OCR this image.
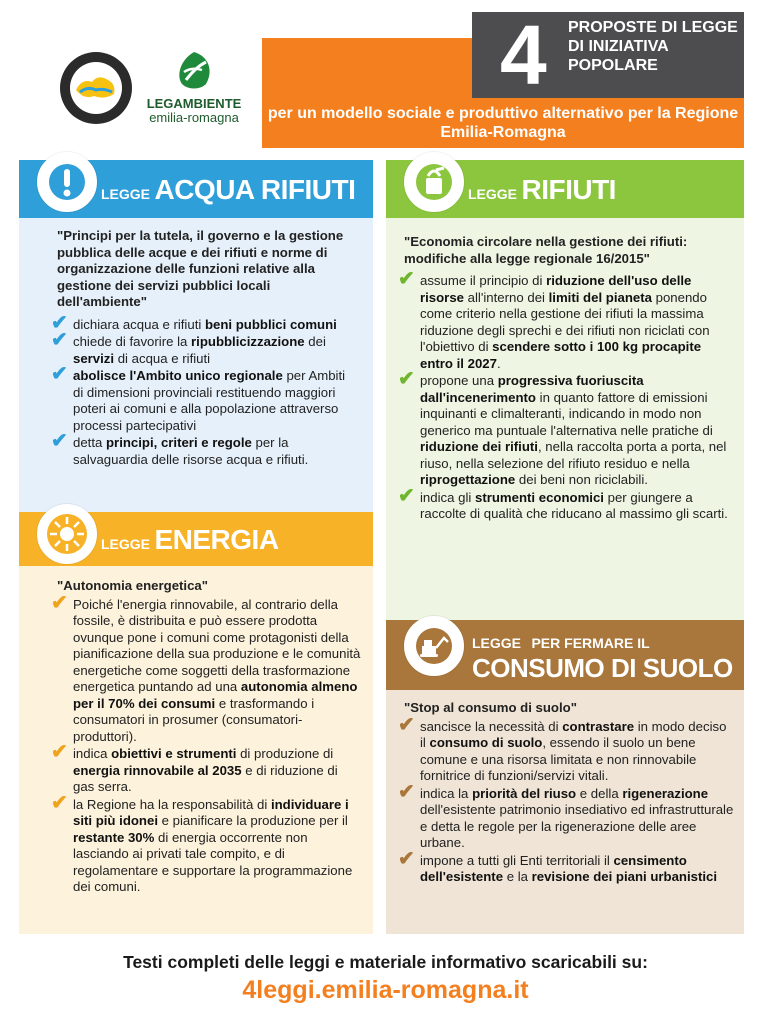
LEGAMBIENTE
emilia-romagna
4 PROPOSTE DI LEGGE DI INIZIATIVA POPOLARE
per un modello sociale e produttivo alternativo per la Regione Emilia-Romagna
LEGGE ACQUA RIFIUTI
"Principi per la tutela, il governo e la gestione pubblica delle acque e dei rifiuti e norme di organizzazione delle funzioni relative alla gestione dei servizi pubblici locali dell'ambiente"
✔ dichiara acqua e rifiuti beni pubblici comuni
✔ chiede di favorire la ripubblicizzazione dei servizi di acqua e rifiuti
✔ abolisce l'Ambito unico regionale per Ambiti di dimensioni provinciali restituendo maggiori poteri ai comuni e alla popolazione attraverso processi partecipativi
✔ detta principi, criteri e regole per la salvaguardia delle risorse acqua e rifiuti.
LEGGE RIFIUTI
"Economia circolare nella gestione dei rifiuti: modifiche alla legge regionale 16/2015"
✔ assume il principio di riduzione dell'uso delle risorse all'interno dei limiti del pianeta ponendo come criterio nella gestione dei rifiuti la massima riduzione degli sprechi e dei rifiuti non riciclati con l'obiettivo di scendere sotto i 100 kg procapite entro il 2027.
✔ propone una progressiva fuoriuscita dall'incenerimento in quanto fattore di emissioni inquinanti e climalteranti, indicando in modo non generico ma puntuale l'alternativa nelle pratiche di riduzione dei rifiuti, nella raccolta porta a porta, nel riuso, nella selezione del rifiuto residuo e nella riprogettazione dei beni non riciclabili.
✔ indica gli strumenti economici per giungere a raccolte di qualità che riducano al massimo gli scarti.
LEGGE ENERGIA
"Autonomia energetica"
✔ Poiché l'energia rinnovabile, al contrario della fossile, è distribuita e può essere prodotta ovunque pone i comuni come protagonisti della pianificazione della sua produzione e le comunità energetiche come soggetti della trasformazione energetica puntando ad una autonomia almeno per il 70% dei consumi e trasformando i consumatori in prosumer (consumatori-produttori).
✔ indica obiettivi e strumenti di produzione di energia rinnovabile al 2035 e di riduzione di gas serra.
✔ la Regione ha la responsabilità di individuare i siti più idonei e pianificare la produzione per il restante 30% di energia occorrente non lasciando ai privati tale compito, e di regolamentare e supportare la programmazione dei comuni.
LEGGE PER FERMARE IL
CONSUMO DI SUOLO
"Stop al consumo di suolo"
✔ sancisce la necessità di contrastare in modo deciso il consumo di suolo, essendo il suolo un bene comune e una risorsa limitata e non rinnovabile fornitrice di funzioni/servizi vitali.
✔ indica la priorità del riuso e della rigenerazione dell'esistente patrimonio insediativo ed infrastrutturale e detta le regole per la rigenerazione delle aree urbane.
✔ impone a tutti gli Enti territoriali il censimento dell'esistente e la revisione dei piani urbanistici
Testi completi delle leggi e materiale informativo scaricabili su:
4leggi.emilia-romagna.it
